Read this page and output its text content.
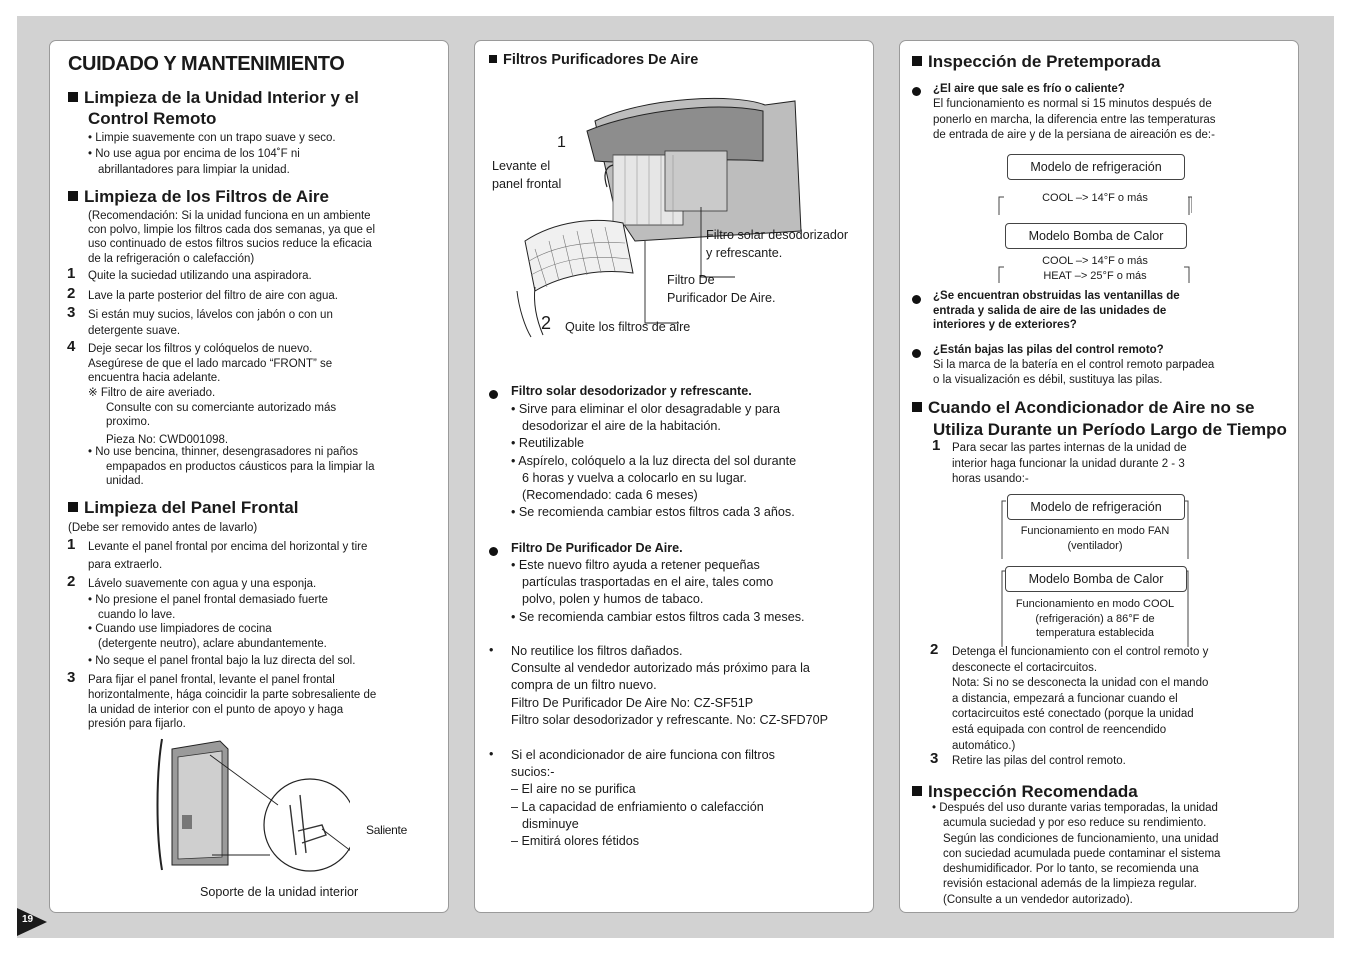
19
CUIDADO Y MANTENIMIENTO
Limpieza de la Unidad Interior y el
Control Remoto
• Limpie suavemente con un trapo suave y seco.
• No use agua por encima de los 104˚F ni
abrillantadores para limpiar la unidad.
Limpieza de los Filtros de Aire
(Recomendación: Si la unidad funciona en un ambiente
con polvo, limpie los filtros cada dos semanas, ya que el
uso continuado de estos filtros sucios reduce la eficacia
de la refrigeración o calefacción)
1 Quite la suciedad utilizando una aspiradora.
2 Lave la parte posterior del filtro de aire con agua.
3 Si están muy sucios, lávelos con jabón o con un
detergente suave.
4 Deje secar los filtros y colóquelos de nuevo.
Asegúrese de que el lado marcado “FRONT” se
encuentra hacia adelante.
※ Filtro de aire averiado.
Consulte con su comerciante autorizado más
proximo.
Pieza No: CWD001098.
• No use bencina, thinner, desengrasadores ni paños
empapados en productos cáusticos para la limpiar la
unidad.
Limpieza del Panel Frontal
(Debe ser removido antes de lavarlo)
1 Levante el panel frontal por encima del horizontal y tire
para extraerlo.
2 Lávelo suavemente con agua y una esponja.
• No presione el panel frontal demasiado fuerte
cuando lo lave.
• Cuando use limpiadores de cocina
(detergente neutro), aclare abundantemente.
• No seque el panel frontal bajo la luz directa del sol.
3 Para fijar el panel frontal, levante el panel frontal
horizontalmente, hága coincidir la parte sobresaliente de
la unidad de interior con el punto de apoyo y haga
presión para fijarlo.
Saliente
Soporte de la unidad interior
Filtros Purificadores De Aire
1
Levante el
panel frontal
Filtro solar desodorizador
y refrescante.
Filtro De
Purificador De Aire.
2 Quite los filtros de aire
Filtro solar desodorizador y refrescante.
• Sirve para eliminar el olor desagradable y para
desodorizar el aire de la habitación.
• Reutilizable
• Aspírelo, colóquelo a la luz directa del sol durante
6 horas y vuelva a colocarlo en su lugar.
(Recomendado: cada 6 meses)
• Se recomienda cambiar estos filtros cada 3 años.
Filtro De Purificador De Aire.
• Este nuevo filtro ayuda a retener pequeñas
partículas trasportadas en el aire, tales como
polvo, polen y humos de tabaco.
• Se recomienda cambiar estos filtros cada 3 meses.
• No reutilice los filtros dañados.
Consulte al vendedor autorizado más próximo para la
compra de un filtro nuevo.
Filtro De Purificador De Aire No: CZ-SF51P
Filtro solar desodorizador y refrescante. No: CZ-SFD70P
• Si el acondicionador de aire funciona con filtros
sucios:-
– El aire no se purifica
– La capacidad de enfriamiento o calefacción
disminuye
– Emitirá olores fétidos
Inspección de Pretemporada
¿El aire que sale es frío o caliente?
El funcionamiento es normal si 15 minutos después de
ponerlo en marcha, la diferencia entre las temperaturas
de entrada de aire y de la persiana de aireación es de:-
Modelo de refrigeración
COOL –> 14°F o más
Modelo Bomba de Calor
COOL –> 14°F o más
HEAT –> 25°F o más
¿Se encuentran obstruidas las ventanillas de
entrada y salida de aire de las unidades de
interiores y de exteriores?
¿Están bajas las pilas del control remoto?
Si la marca de la batería en el control remoto parpadea
o la visualización es débil, sustituya las pilas.
Cuando el Acondicionador de Aire no se
Utiliza Durante un Período Largo de Tiempo
1 Para secar las partes internas de la unidad de
interior haga funcionar la unidad durante 2 - 3
horas usando:-
Modelo de refrigeración
Funcionamiento en modo FAN
(ventilador)
Modelo Bomba de Calor
Funcionamiento en modo COOL
(refrigeración) a 86°F de
temperatura establecida
2 Detenga el funcionamiento con el control remoto y
desconecte el cortacircuitos.
Nota: Si no se desconecta la unidad con el mando
a distancia, empezará a funcionar cuando el
cortacircuitos esté conectado (porque la unidad
está equipada con control de reencendido
automático.)
3 Retire las pilas del control remoto.
Inspección Recomendada
• Después del uso durante varias temporadas, la unidad
acumula suciedad y por eso reduce su rendimiento.
Según las condiciones de funcionamiento, una unidad
con suciedad acumulada puede contaminar el sistema
deshumidificador. Por lo tanto, se recomienda una
revisión estacional además de la limpieza regular.
(Consulte a un vendedor autorizado).
